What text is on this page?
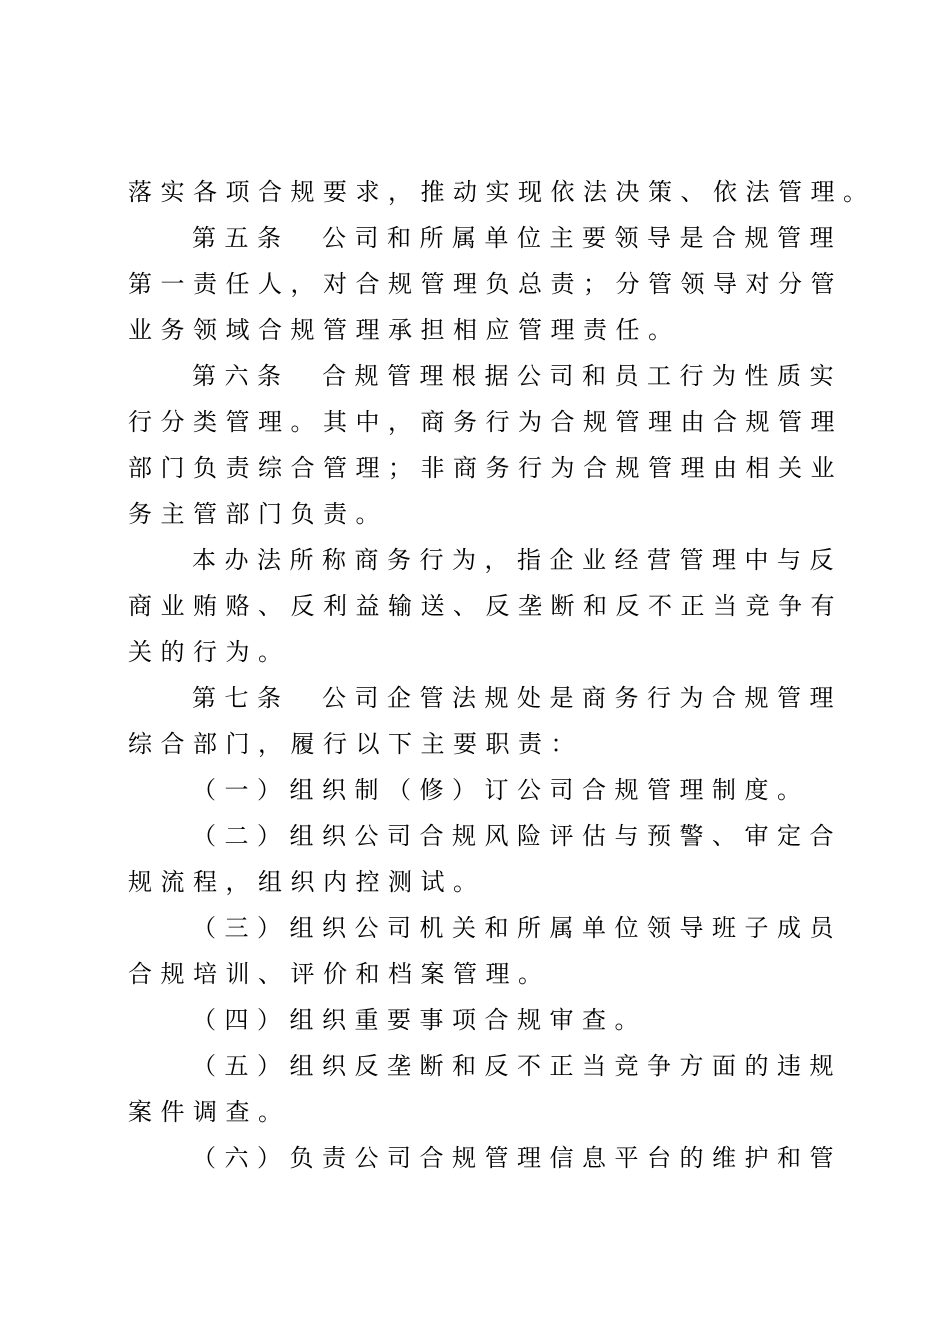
落实各项合规要求，推动实现依法决策、依法管理。
第五条　公司和所属单位主要领导是合规管理
第一责任人，对合规管理负总责；分管领导对分管
业务领域合规管理承担相应管理责任。
第六条　合规管理根据公司和员工行为性质实
行分类管理。其中，商务行为合规管理由合规管理
部门负责综合管理；非商务行为合规管理由相关业
务主管部门负责。
本办法所称商务行为，指企业经营管理中与反
商业贿赂、反利益输送、反垄断和反不正当竞争有
关的行为。
第七条　公司企管法规处是商务行为合规管理
综合部门，履行以下主要职责：
（一）组织制（修）订公司合规管理制度。
（二）组织公司合规风险评估与预警、审定合
规流程，组织内控测试。
（三）组织公司机关和所属单位领导班子成员
合规培训、评价和档案管理。
（四）组织重要事项合规审查。
（五）组织反垄断和反不正当竞争方面的违规
案件调查。
（六）负责公司合规管理信息平台的维护和管
